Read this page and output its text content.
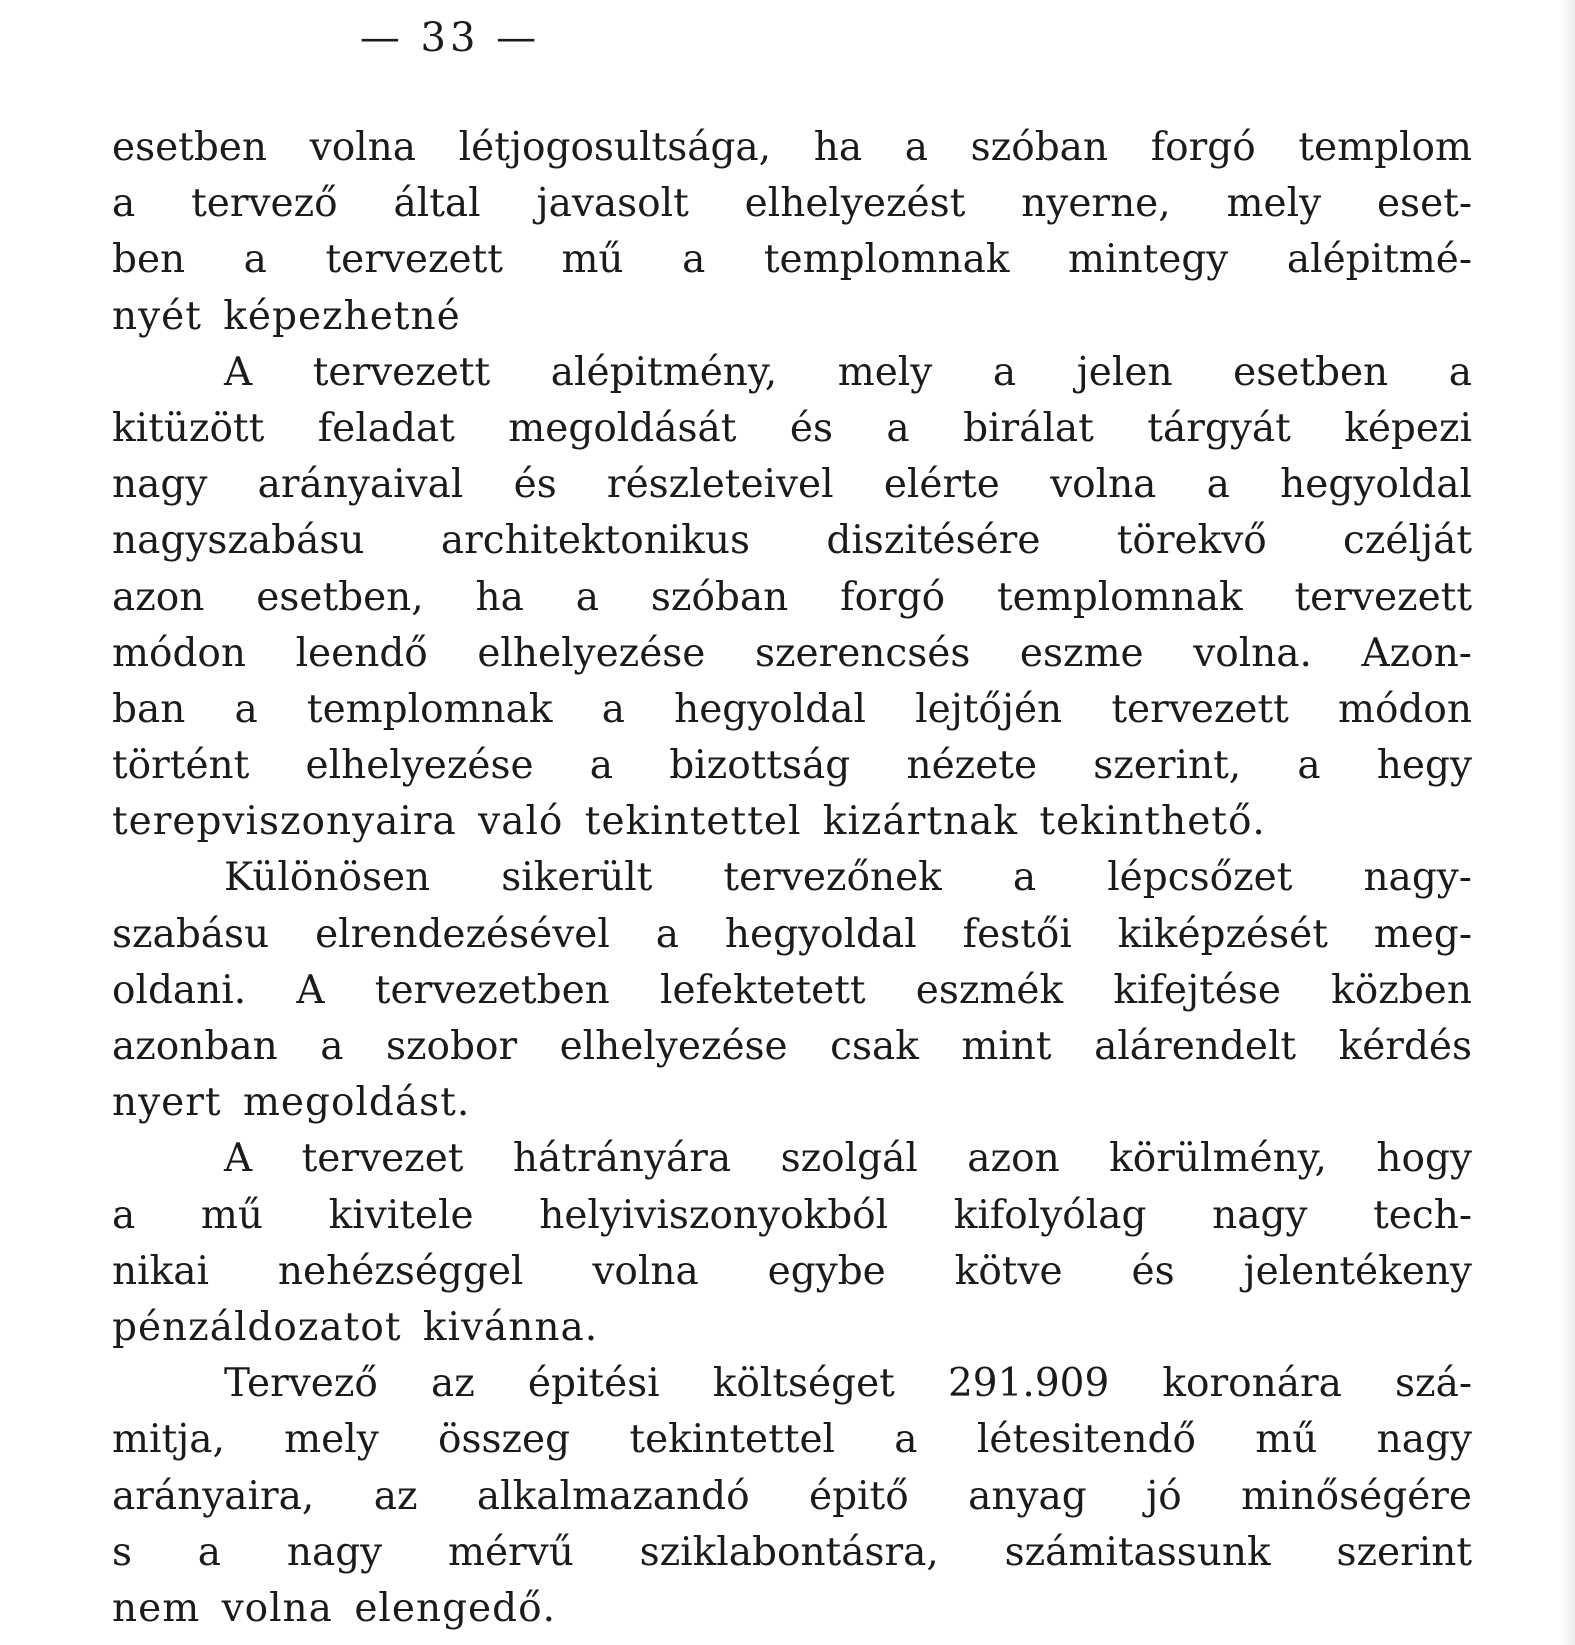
— 33 —
esetben volna létjogosultsága, ha a szóban forgó templom
a tervező által javasolt elhelyezést nyerne, mely eset-
ben a tervezett mű a templomnak mintegy alépitmé-
nyét képezhetné
A tervezett alépitmény, mely a jelen esetben a
kitüzött feladat megoldását és a birálat tárgyát képezi
nagy arányaival és részleteivel elérte volna a hegyoldal
nagyszabásu architektonikus diszitésére törekvő czélját
azon esetben, ha a szóban forgó templomnak tervezett
módon leendő elhelyezése szerencsés eszme volna. Azon-
ban a templomnak a hegyoldal lejtőjén tervezett módon
történt elhelyezése a bizottság nézete szerint, a hegy
terepviszonyaira való tekintettel kizártnak tekinthető.
Különösen sikerült tervezőnek a lépcsőzet nagy-
szabásu elrendezésével a hegyoldal festői kiképzését meg-
oldani. A tervezetben lefektetett eszmék kifejtése közben
azonban a szobor elhelyezése csak mint alárendelt kérdés
nyert megoldást.
A tervezet hátrányára szolgál azon körülmény, hogy
a mű kivitele helyiviszonyokból kifolyólag nagy tech-
nikai nehézséggel volna egybe kötve és jelentékeny
pénzáldozatot kivánna.
Tervező az épitési költséget 291.909 koronára szá-
mitja, mely összeg tekintettel a létesitendő mű nagy
arányaira, az alkalmazandó épitő anyag jó minőségére
s a nagy mérvű sziklabontásra, számitassunk szerint
nem volna elengedő.
